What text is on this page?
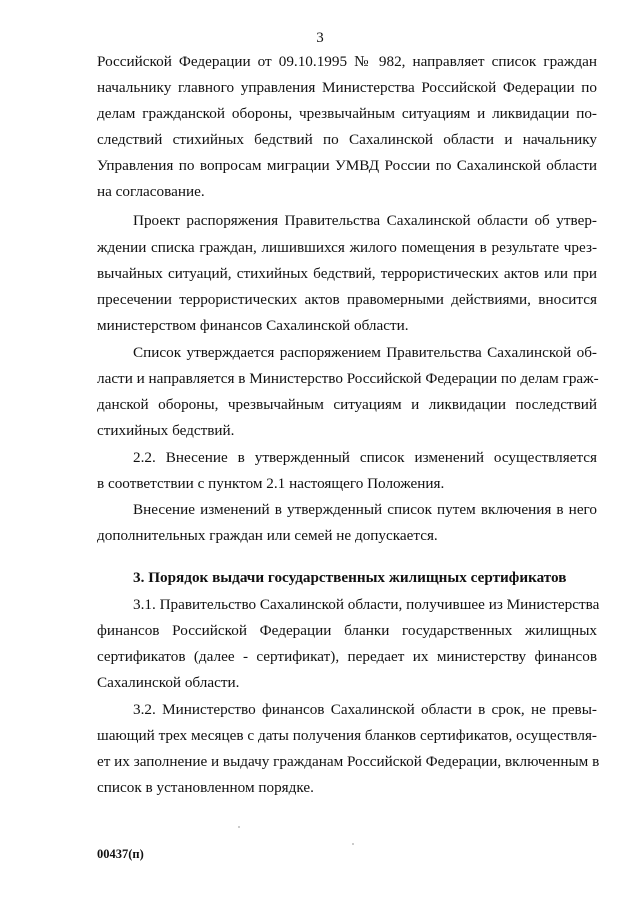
3
Российской Федерации от 09.10.1995 № 982, направляет список граждан
начальнику главного управления Министерства Российской Федерации по
делам гражданской обороны, чрезвычайным ситуациям и ликвидации по-
следствий стихийных бедствий по Сахалинской области и начальнику
Управления по вопросам миграции УМВД России по Сахалинской области
на согласование.
Проект распоряжения Правительства Сахалинской области об утвер-
ждении списка граждан, лишившихся жилого помещения в результате чрез-
вычайных ситуаций, стихийных бедствий, террористических актов или при
пресечении террористических актов правомерными действиями, вносится
министерством финансов Сахалинской области.
Список утверждается распоряжением Правительства Сахалинской об-
ласти и направляется в Министерство Российской Федерации по делам граж-
данской обороны, чрезвычайным ситуациям и ликвидации последствий
стихийных бедствий.
2.2. Внесение в утвержденный список изменений осуществляется
в соответствии с пунктом 2.1 настоящего Положения.
Внесение изменений в утвержденный список путем включения в него
дополнительных граждан или семей не допускается.
3. Порядок выдачи государственных жилищных сертификатов
3.1. Правительство Сахалинской области, получившее из Министерства
финансов Российской Федерации бланки государственных жилищных
сертификатов (далее - сертификат), передает их министерству финансов
Сахалинской области.
3.2. Министерство финансов Сахалинской области в срок, не превы-
шающий трех месяцев с даты получения бланков сертификатов, осуществля-
ет их заполнение и выдачу гражданам Российской Федерации, включенным в
список в установленном порядке.
00437(п)
